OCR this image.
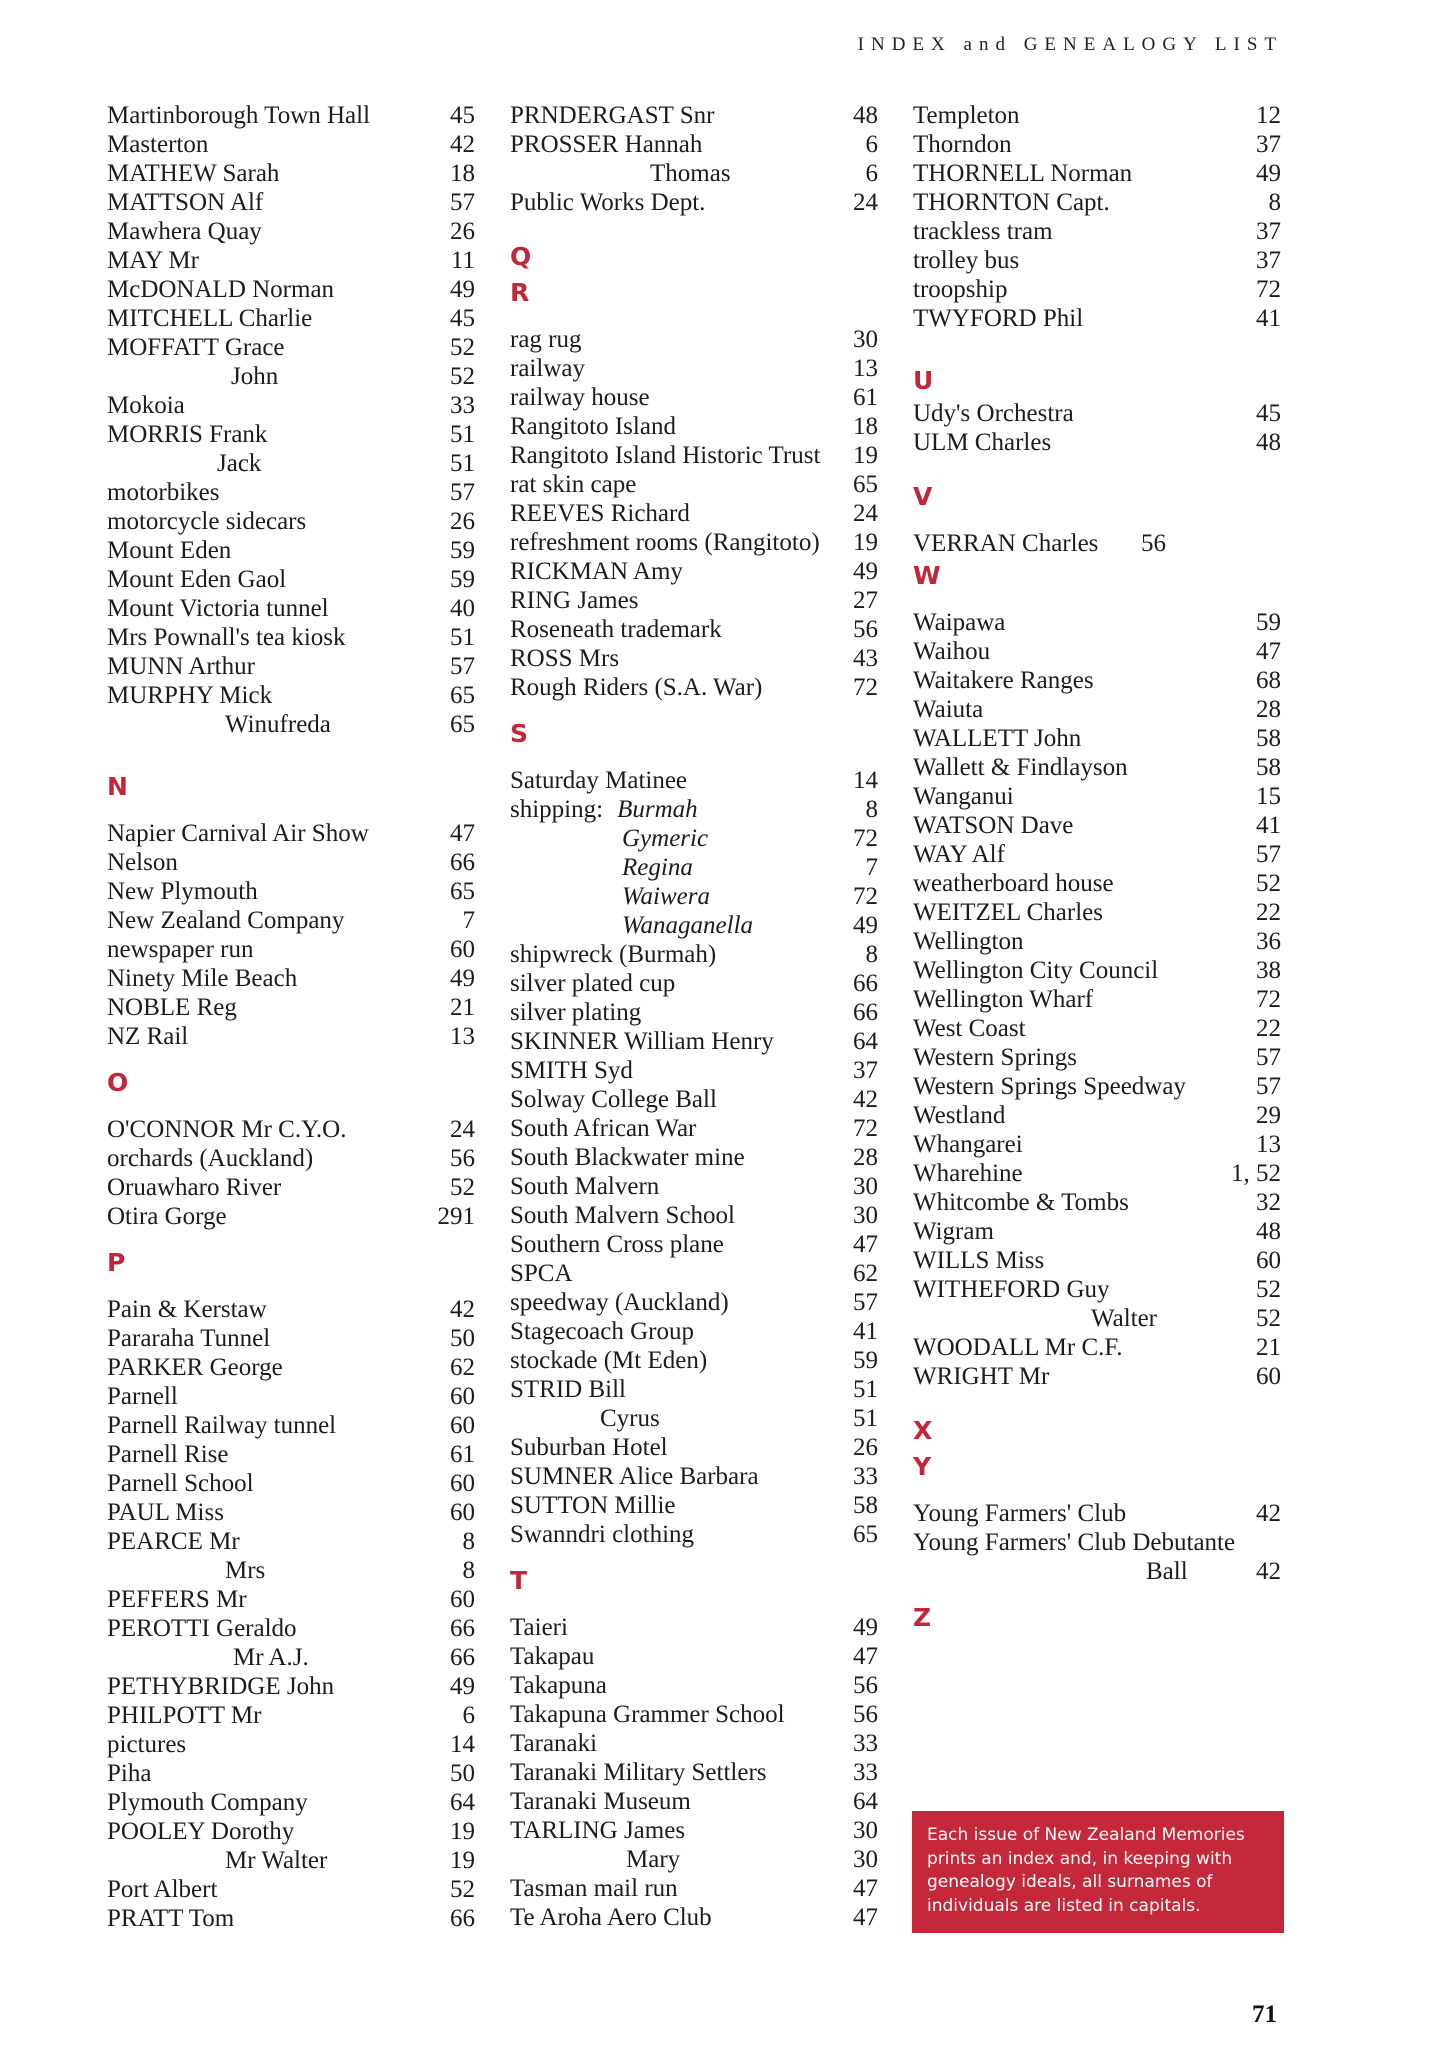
INDEX and GENEALOGY LIST
Martinborough Town Hall	45
Masterton	42
MATHEW Sarah	18
MATTSON Alf	57
Mawhera Quay	26
MAY Mr	11
McDONALD Norman	49
MITCHELL Charlie	45
MOFFATT Grace	52
John	52
Mokoia	33
MORRIS Frank	51
Jack	51
motorbikes	57
motorcycle sidecars	26
Mount Eden	59
Mount Eden Gaol	59
Mount Victoria tunnel	40
Mrs Pownall's tea kiosk	51
MUNN Arthur	57
MURPHY Mick	65
Winufreda	65
N
Napier Carnival Air Show	47
Nelson	66
New Plymouth	65
New Zealand Company	7
newspaper run	60
Ninety Mile Beach	49
NOBLE Reg	21
NZ Rail	13
O
O'CONNOR Mr C.Y.O.	24
orchards (Auckland)	56
Oruawharo River	52
Otira Gorge	291
P
Pain & Kerstaw	42
Pararaha Tunnel	50
PARKER George	62
Parnell	60
Parnell Railway tunnel	60
Parnell Rise	61
Parnell School	60
PAUL Miss	60
PEARCE Mr	8
Mrs	8
PEFFERS Mr	60
PEROTTI Geraldo	66
Mr A.J.	66
PETHYBRIDGE John	49
PHILPOTT Mr	6
pictures	14
Piha	50
Plymouth Company	64
POOLEY Dorothy	19
Mr Walter	19
Port Albert	52
PRATT Tom	66
PRNDERGAST Snr	48
PROSSER Hannah	6
Thomas	6
Public Works Dept.	24
Q
R
rag rug	30
railway	13
railway house	61
Rangitoto Island	18
Rangitoto Island Historic Trust 19
rat skin cape	65
REEVES Richard	24
refreshment rooms (Rangitoto) 19
RICKMAN Amy	49
RING James	27
Roseneath trademark	56
ROSS Mrs	43
Rough Riders (S.A. War)	72
S
Saturday Matinee	14
shipping: Burmah	8
Gymeric	72
Regina	7
Waiwera	72
Wanaganella	49
shipwreck (Burmah)	8
silver plated cup	66
silver plating	66
SKINNER William Henry	64
SMITH Syd	37
Solway College Ball	42
South African War	72
South Blackwater mine	28
South Malvern	30
South Malvern School	30
Southern Cross plane	47
SPCA	62
speedway (Auckland)	57
Stagecoach Group	41
stockade (Mt Eden)	59
STRID Bill	51
Cyrus	51
Suburban Hotel	26
SUMNER Alice Barbara	33
SUTTON Millie	58
Swanndri clothing	65
T
Taieri	49
Takapau	47
Takapuna	56
Takapuna Grammer School	56
Taranaki	33
Taranaki Military Settlers	33
Taranaki Museum	64
TARLING James	30
Mary	30
Tasman mail run	47
Te Aroha Aero Club	47
Templeton	12
Thorndon	37
THORNELL Norman	49
THORNTON Capt.	8
trackless tram	37
trolley bus	37
troopship	72
TWYFORD Phil	41
U
Udy's Orchestra	45
ULM Charles	48
V
VERRAN Charles 56
W
Waipawa	59
Waihou	47
Waitakere Ranges	68
Waiuta	28
WALLETT John	58
Wallett & Findlayson	58
Wanganui	15
WATSON Dave	41
WAY Alf	57
weatherboard house	52
WEITZEL Charles	22
Wellington	36
Wellington City Council	38
Wellington Wharf	72
West Coast	22
Western Springs	57
Western Springs Speedway	57
Westland	29
Whangarei	13
Wharehine	1, 52
Whitcombe & Tombs	32
Wigram	48
WILLS Miss	60
WITHEFORD Guy	52
Walter	52
WOODALL Mr C.F.	21
WRIGHT Mr	60
X
Y
Young Farmers' Club	42
Young Farmers' Club Debutante
Ball	42
Z
Each issue of New Zealand Memories
prints an index and, in keeping with
genealogy ideals, all surnames of
individuals are listed in capitals.
71
